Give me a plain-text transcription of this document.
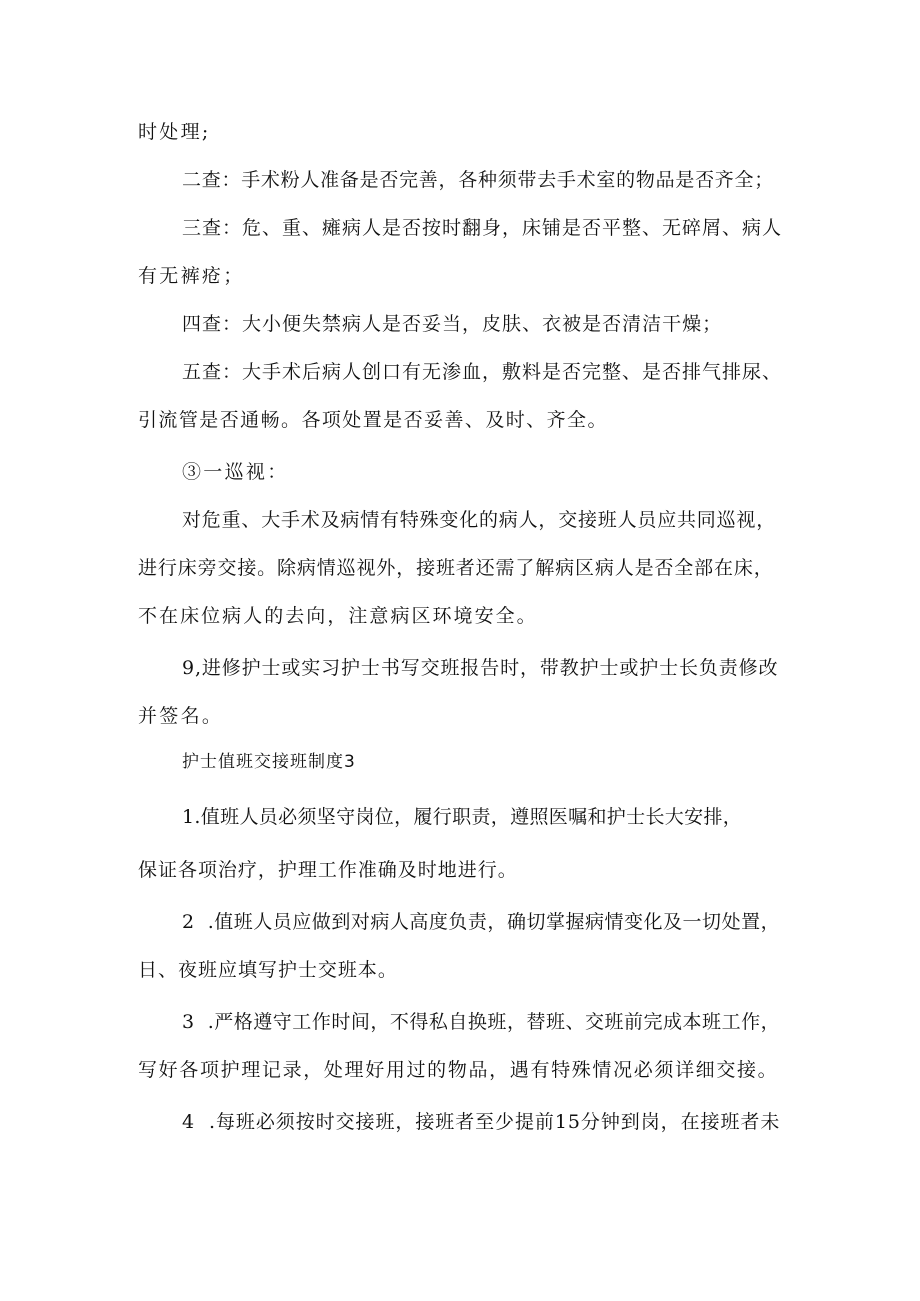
时处理;
二查：手术粉人准备是否完善，各种须带去手术室的物品是否齐全；
三查：危、重、瘫病人是否按时翻身，床铺是否平整、无碎屑、病人
有无裤疮；
四查：大小便失禁病人是否妥当，皮肤、衣被是否清洁干燥；
五查：大手术后病人创口有无渗血，敷料是否完整、是否排气排尿、
引流管是否通畅。各项处置是否妥善、及时、齐全。
③一巡视：
对危重、大手术及病情有特殊变化的病人，交接班人员应共同巡视，
进行床旁交接。除病情巡视外，接班者还需了解病区病人是否全部在床，
不在床位病人的去向，注意病区环境安全。
9,进修护士或实习护士书写交班报告时，带教护士或护士长负责修改
并签名。
护士值班交接班制度3
1.值班人员必须坚守岗位，履行职责，遵照医嘱和护士长大安排，
保证各项治疗，护理工作准确及时地进行。
2  .值班人员应做到对病人高度负责，确切掌握病情变化及一切处置，
日、夜班应填写护士交班本。
3  .严格遵守工作时间，不得私自换班，替班、交班前完成本班工作，
写好各项护理记录，处理好用过的物品，遇有特殊情况必须详细交接。
4  .每班必须按时交接班，接班者至少提前15分钟到岗，在接班者未
